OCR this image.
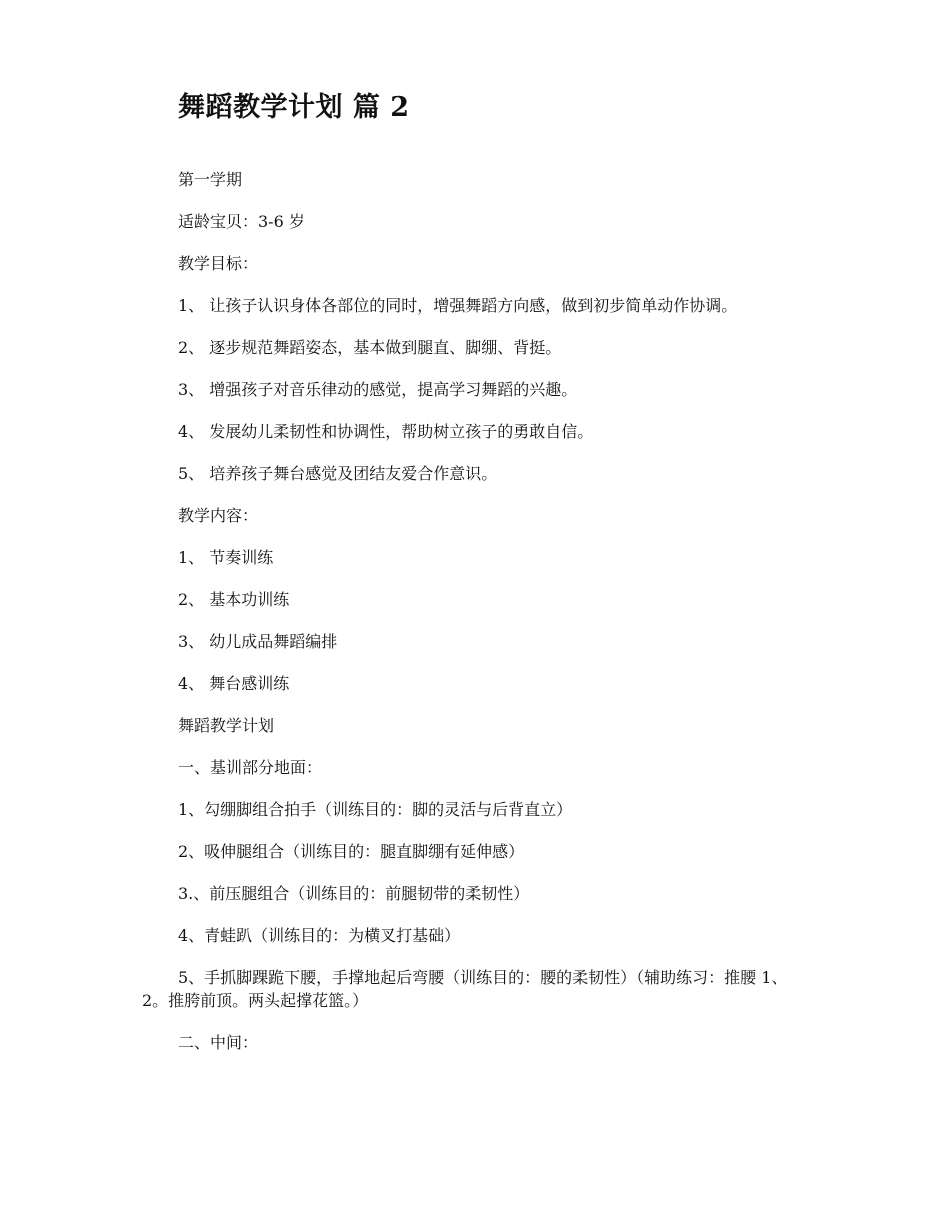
舞蹈教学计划 篇 2

第一学期

适龄宝贝：3-6 岁

教学目标：

1、 让孩子认识身体各部位的同时，增强舞蹈方向感，做到初步简单动作协调。

2、 逐步规范舞蹈姿态，基本做到腿直、脚绷、背挺。

3、 增强孩子对音乐律动的感觉，提高学习舞蹈的兴趣。

4、 发展幼儿柔韧性和协调性，帮助树立孩子的勇敢自信。

5、 培养孩子舞台感觉及团结友爱合作意识。

教学内容：

1、 节奏训练

2、 基本功训练

3、 幼儿成品舞蹈编排

4、 舞台感训练

舞蹈教学计划

一、基训部分地面：

1、勾绷脚组合拍手（训练目的：脚的灵活与后背直立）

2、吸伸腿组合（训练目的：腿直脚绷有延伸感）

3.、前压腿组合（训练目的：前腿韧带的柔韧性）

4、青蛙趴（训练目的：为横叉打基础）

5、手抓脚踝跪下腰，手撑地起后弯腰（训练目的：腰的柔韧性）（辅助练习：推腰 1、2。推胯前顶。两头起撑花篮。）

二、中间：
